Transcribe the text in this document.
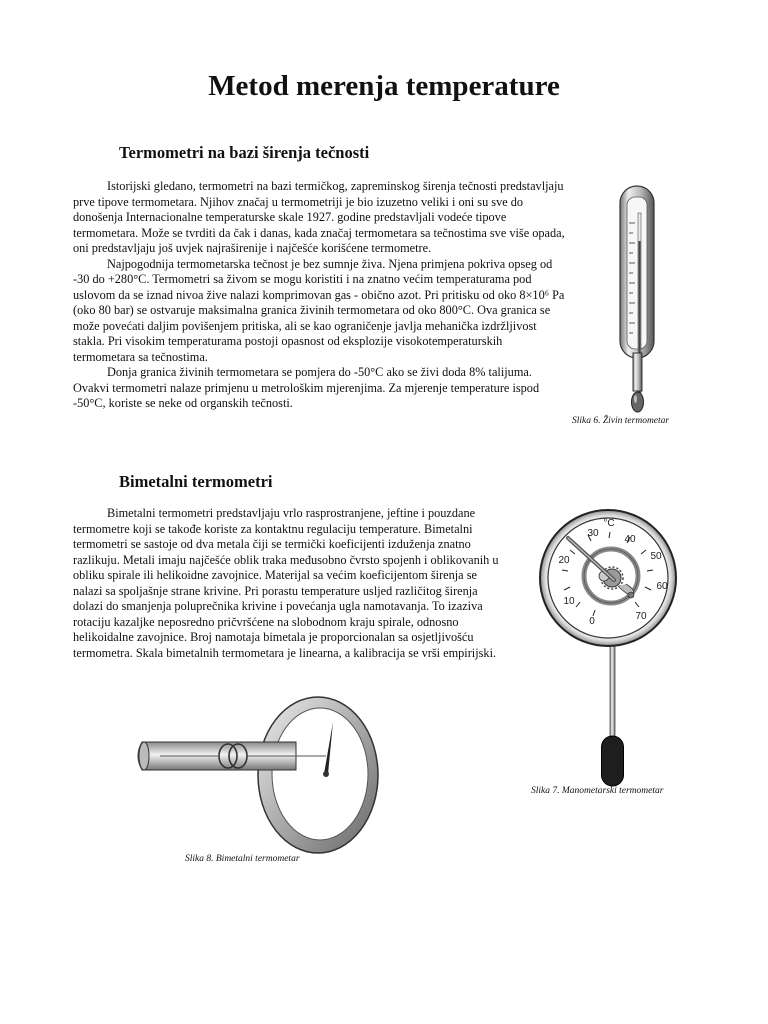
Metod merenja temperature
Termometri na bazi širenja tečnosti

Istorijski gledano, termometri na bazi termičkog, zapreminskog širenja tečnosti predstavljaju prve tipove termometara. Njihov značaj u termometriji je bio izuzetno veliki i oni su sve do donošenja Internacionalne temperaturske skale 1927. godine predstavljali vodeće tipove termometara. Može se tvrditi da čak i danas, kada značaj termometara sa tečnostima sve više opada, oni predstavljaju još uvjek najraširenije i najčešće korišćene termometre.

Najpogodnija termometarska tečnost je bez sumnje živa. Njena primjena pokriva opseg od -30 do +280°C. Termometri sa živom se mogu koristiti i na znatno većim temperaturama pod uslovom da se iznad nivoa žive nalazi komprimovan gas - obično azot. Pri pritisku od oko 8×10⁶ Pa (oko 80 bar) se ostvaruje maksimalna granica živinih termometara od oko 800°C. Ova granica se može povećati daljim povišenjem pritiska, ali se kao ograničenje javlja mehanička izdržljivost stakla. Pri visokim temperaturama postoji opasnost od eksplozije visokotemperaturskih termometara sa tečnostima.

Donja granica živinih termometara se pomjera do -50°C ako se živi doda 8% talijuma. Ovakvi termometri nalaze primjenu u metrološkim mjerenjima. Za mjerenje temperature ispod -50°C, koriste se neke od organskih tečnosti.

Slika 6. Živin termometar
Bimetalni termometri

Bimetalni termometri predstavljaju vrlo rasprostranjene, jeftine i pouzdane termometre koji se takođe koriste za kontaktnu regulaciju temperature. Bimetalni termometri se sastoje od dva metala čiji se termički koeficijenti izduženja znatno razlikuju. Metali imaju najčešće oblik traka međusobno čvrsto spojenh i oblikovanih u obliku spirale ili helikoidne zavojnice. Materijal sa većim koeficijentom širenja se nalazi sa spoljašnje strane krivine. Pri porastu temperature usljed različitog širenja dolazi do smanjenja poluprečnika krivine i povećanja ugla namotavanja. To izaziva rotaciju kazaljke neposredno pričvršćene na slobodnom kraju spirale, odnosno helikoidalne zavojnice. Broj namotaja bimetala je proporcionalan sa osjetljivošću termometra. Skala bimetalnih termometara je linearna, a kalibracija se vrši empirijski.

°C
0
10
20
30
40
50
60
70
Slika 7. Manometarski termometar
Slika 8. Bimetalni termometar
